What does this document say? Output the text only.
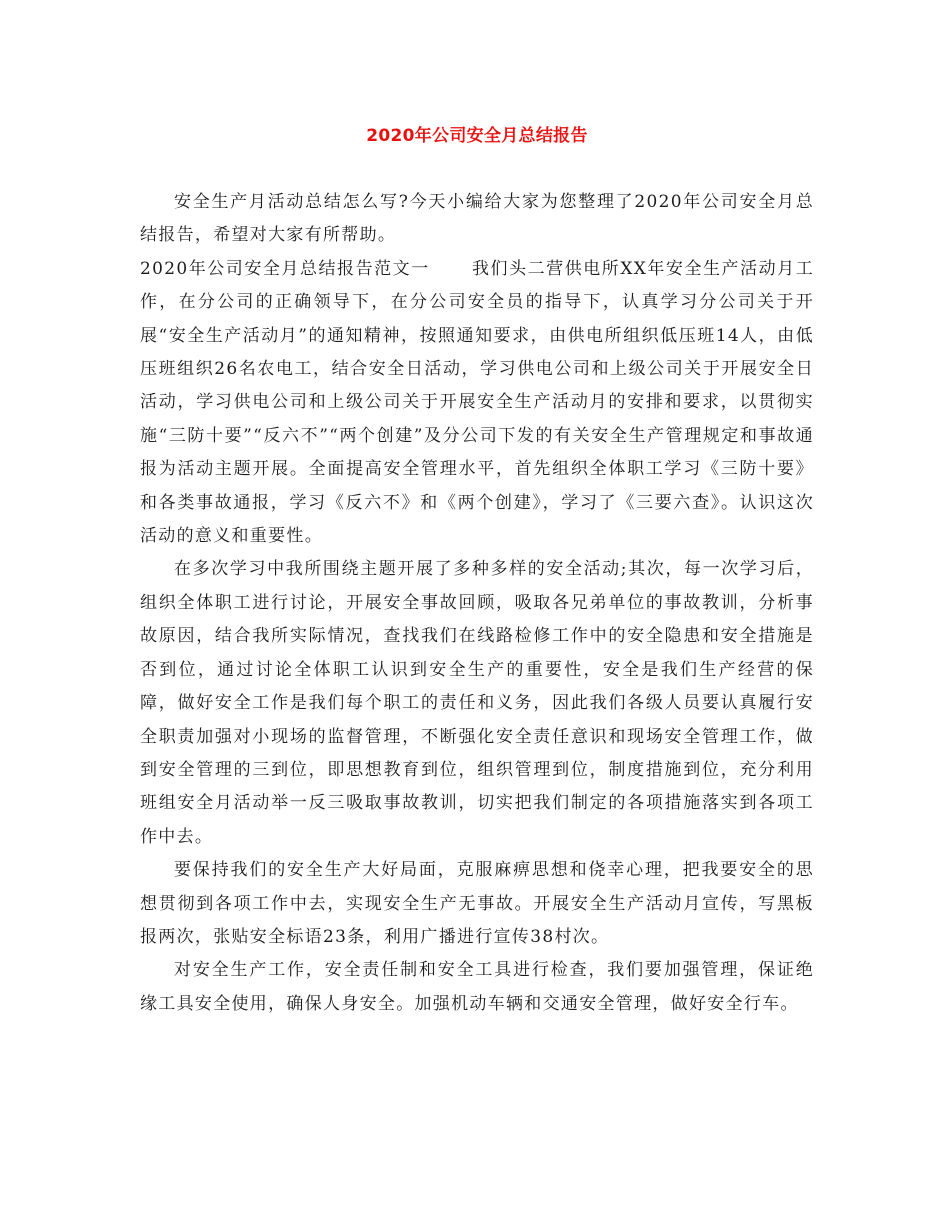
2020年公司安全月总结报告

安全生产月活动总结怎么写?今天小编给大家为您整理了2020年公司安全月总结报告，希望对大家有所帮助。

2020年公司安全月总结报告范文一 我们头二营供电所XX年安全生产活动月工作，在分公司的正确领导下，在分公司安全员的指导下，认真学习分公司关于开展“安全生产活动月”的通知精神，按照通知要求，由供电所组织低压班14人，由低压班组织26名农电工，结合安全日活动，学习供电公司和上级公司关于开展安全日活动，学习供电公司和上级公司关于开展安全生产活动月的安排和要求，以贯彻实施“三防十要”“反六不”“两个创建”及分公司下发的有关安全生产管理规定和事故通报为活动主题开展。全面提高安全管理水平，首先组织全体职工学习《三防十要》和各类事故通报，学习《反六不》和《两个创建》，学习了《三要六查》。认识这次活动的意义和重要性。

在多次学习中我所围绕主题开展了多种多样的安全活动;其次，每一次学习后，组织全体职工进行讨论，开展安全事故回顾，吸取各兄弟单位的事故教训，分析事故原因，结合我所实际情况，查找我们在线路检修工作中的安全隐患和安全措施是否到位，通过讨论全体职工认识到安全生产的重要性，安全是我们生产经营的保障，做好安全工作是我们每个职工的责任和义务，因此我们各级人员要认真履行安全职责加强对小现场的监督管理，不断强化安全责任意识和现场安全管理工作，做到安全管理的三到位，即思想教育到位，组织管理到位，制度措施到位，充分利用班组安全月活动举一反三吸取事故教训，切实把我们制定的各项措施落实到各项工作中去。

要保持我们的安全生产大好局面，克服麻痹思想和侥幸心理，把我要安全的思想贯彻到各项工作中去，实现安全生产无事故。开展安全生产活动月宣传，写黑板报两次，张贴安全标语23条，利用广播进行宣传38村次。

对安全生产工作，安全责任制和安全工具进行检查，我们要加强管理，保证绝缘工具安全使用，确保人身安全。加强机动车辆和交通安全管理，做好安全行车。
